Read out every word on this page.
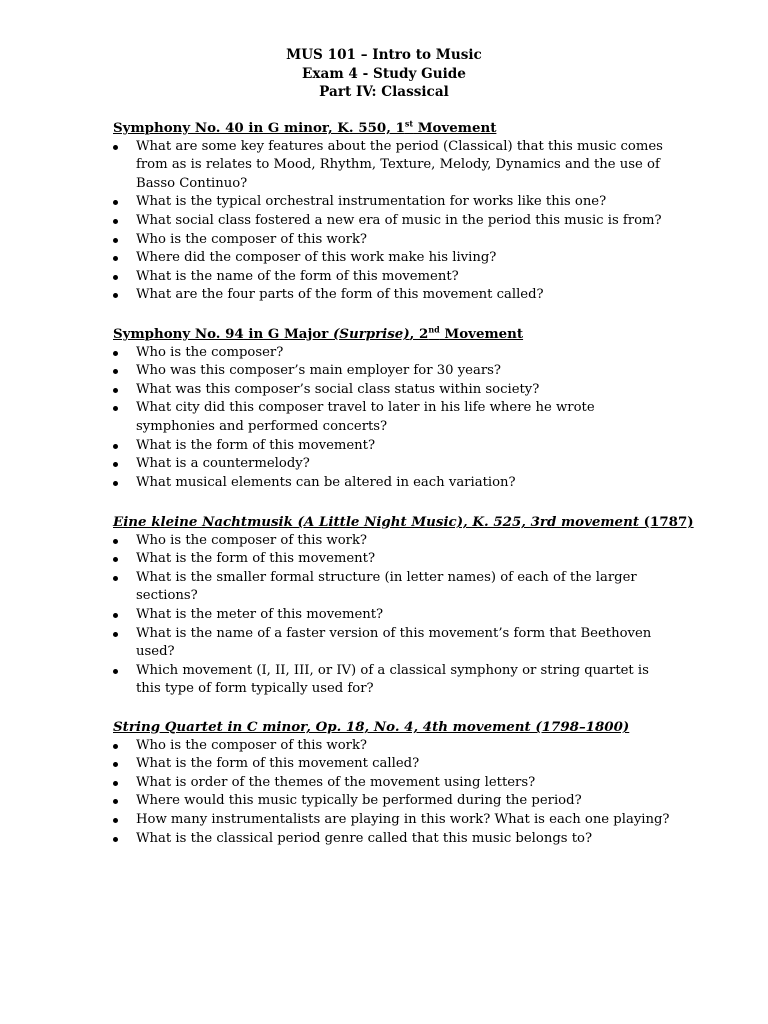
MUS 101 – Intro to Music
Exam 4 - Study Guide
Part IV: Classical
Symphony No. 40 in G minor, K. 550, 1st Movement
What are some key features about the period (Classical) that this music comes from as is relates to Mood, Rhythm, Texture, Melody, Dynamics and the use of Basso Continuo?
What is the typical orchestral instrumentation for works like this one?
What social class fostered a new era of music in the period this music is from?
Who is the composer of this work?
Where did the composer of this work make his living?
What is the name of the form of this movement?
What are the four parts of the form of this movement called?
Symphony No. 94 in G Major (Surprise), 2nd Movement
Who is the composer?
Who was this composer’s main employer for 30 years?
What was this composer’s social class status within society?
What city did this composer travel to later in his life where he wrote symphonies and performed concerts?
What is the form of this movement?
What is a countermelody?
What musical elements can be altered in each variation?
Eine kleine Nachtmusik (A Little Night Music), K. 525, 3rd movement (1787)
Who is the composer of this work?
What is the form of this movement?
What is the smaller formal structure (in letter names) of each of the larger sections?
What is the meter of this movement?
What is the name of a faster version of this movement’s form that Beethoven used?
Which movement (I, II, III, or IV) of a classical symphony or string quartet is this type of form typically used for?
String Quartet in C minor, Op. 18, No. 4, 4th movement (1798–1800)
Who is the composer of this work?
What is the form of this movement called?
What is order of the themes of the movement using letters?
Where would this music typically be performed during the period?
How many instrumentalists are playing in this work? What is each one playing?
What is the classical period genre called that this music belongs to?
